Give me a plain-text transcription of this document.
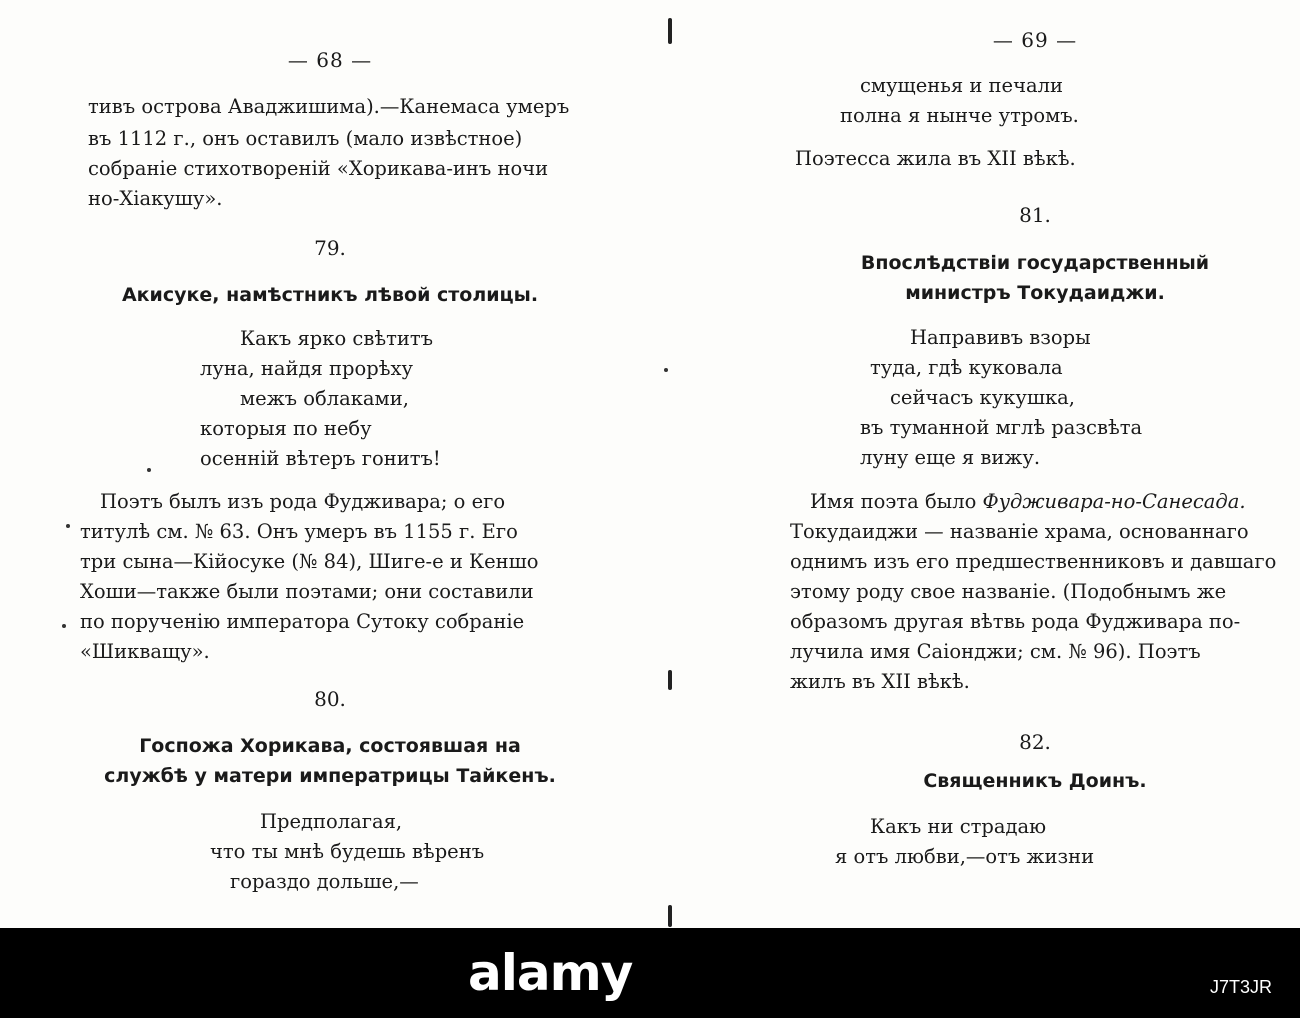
— 68 —
тивъ острова Аваджишима).—Канемаса умеръ
въ 1112 г., онъ оставилъ (мало извѣстное)
собраніе стихотвореній «Хорикава-инъ ночи
но-Хіакушу».
79.
Акисуке, намѣстникъ лѣвой столицы.
Какъ ярко свѣтитъ
луна, найдя прорѣху
межъ облаками,
которыя по небу
осенній вѣтеръ гонитъ!
Поэтъ былъ изъ рода Фудживара; о его
титулѣ см. № 63. Онъ умеръ въ 1155 г. Его
три сына—Кійосуке (№ 84), Шиге-е и Кеншо
Хоши—также были поэтами; они составили
по порученію императора Сутоку собраніе
«Шикващу».
80.
Госпожа Хорикава, состоявшая на
службѣ у матери императрицы Тайкенъ.
Предполагая,
что ты мнѣ будешь вѣренъ
гораздо дольше,—
— 69 —
смущенья и печали
полна я нынче утромъ.
Поэтесса жила въ XII вѣкѣ.
81.
Впослѣдствіи государственный
министръ Токудаиджи.
Направивъ взоры
туда, гдѣ куковала
сейчасъ кукушка,
въ туманной мглѣ разсвѣта
луну еще я вижу.
Имя поэта было Фудживара-но-Санесада.
Токудаиджи — названіе храма, основаннаго
однимъ изъ его предшественниковъ и давшаго
этому роду свое названіе. (Подобнымъ же
образомъ другая вѣтвь рода Фудживара по-
лучила имя Саіонджи; см. № 96). Поэтъ
жилъ въ XII вѣкѣ.
82.
Священникъ Доинъ.
Какъ ни страдаю
я отъ любви,—отъ жизни
alamy	J7T3JR
